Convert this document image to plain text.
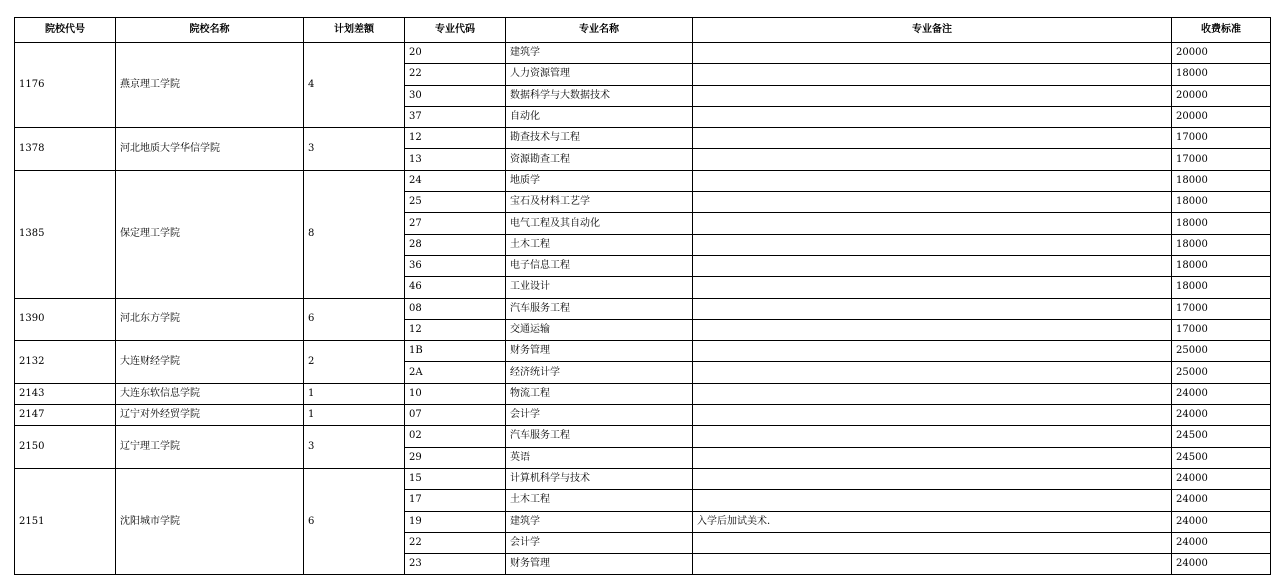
院校代号	院校名称	计划差额	专业代码	专业名称	专业备注	收费标准
1176	燕京理工学院	4	20	建筑学		20000
			22	人力资源管理		18000
			30	数据科学与大数据技术		20000
			37	自动化		20000
1378	河北地质大学华信学院	3	12	勘查技术与工程		17000
			13	资源勘查工程		17000
1385	保定理工学院	8	24	地质学		18000
			25	宝石及材料工艺学		18000
			27	电气工程及其自动化		18000
			28	土木工程		18000
			36	电子信息工程		18000
			46	工业设计		18000
1390	河北东方学院	6	08	汽车服务工程		17000
			12	交通运输		17000
2132	大连财经学院	2	1B	财务管理		25000
			2A	经济统计学		25000
2143	大连东软信息学院	1	10	物流工程		24000
2147	辽宁对外经贸学院	1	07	会计学		24000
2150	辽宁理工学院	3	02	汽车服务工程		24500
			29	英语		24500
2151	沈阳城市学院	6	15	计算机科学与技术		24000
			17	土木工程		24000
			19	建筑学	入学后加试美术.	24000
			22	会计学		24000
			23	财务管理		24000
